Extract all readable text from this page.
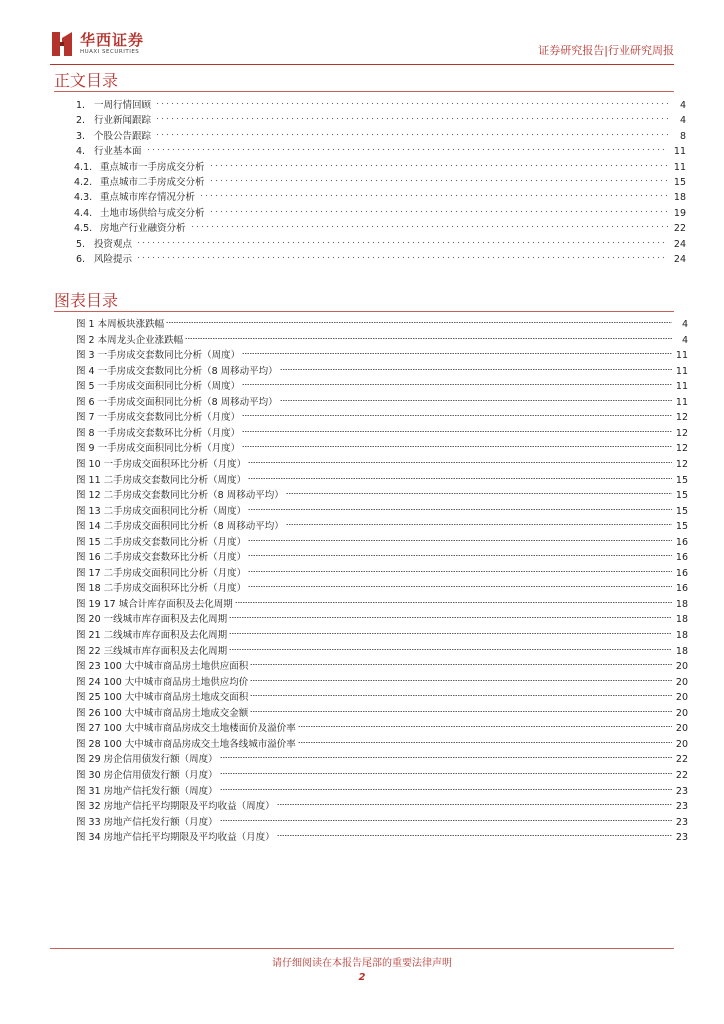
华西证券
HUAXI SECURITIES	证券研究报告|行业研究周报
正文目录
1. 一周行情回顾	4
2. 行业新闻跟踪	4
3. 个股公告跟踪	8
4. 行业基本面	11
4.1. 重点城市一手房成交分析	11
4.2. 重点城市二手房成交分析	15
4.3. 重点城市库存情况分析	18
4.4. 土地市场供给与成交分析	19
4.5. 房地产行业融资分析	22
5. 投资观点	24
6. 风险提示	24
图表目录
图 1 本周板块涨跌幅	4
图 2 本周龙头企业涨跌幅	4
图 3 一手房成交套数同比分析（周度）	11
图 4 一手房成交套数同比分析（8 周移动平均）	11
图 5 一手房成交面积同比分析（周度）	11
图 6 一手房成交面积同比分析（8 周移动平均）	11
图 7 一手房成交套数同比分析（月度）	12
图 8 一手房成交套数环比分析（月度）	12
图 9 一手房成交面积同比分析（月度）	12
图 10 一手房成交面积环比分析（月度）	12
图 11 二手房成交套数同比分析（周度）	15
图 12 二手房成交套数同比分析（8 周移动平均）	15
图 13 二手房成交面积同比分析（周度）	15
图 14 二手房成交面积同比分析（8 周移动平均）	15
图 15 二手房成交套数同比分析（月度）	16
图 16 二手房成交套数环比分析（月度）	16
图 17 二手房成交面积同比分析（月度）	16
图 18 二手房成交面积环比分析（月度）	16
图 19 17 城合计库存面积及去化周期	18
图 20 一线城市库存面积及去化周期	18
图 21 二线城市库存面积及去化周期	18
图 22 三线城市库存面积及去化周期	18
图 23 100 大中城市商品房土地供应面积	20
图 24 100 大中城市商品房土地供应均价	20
图 25 100 大中城市商品房土地成交面积	20
图 26 100 大中城市商品房土地成交金额	20
图 27 100 大中城市商品房成交土地楼面价及溢价率	20
图 28 100 大中城市商品房成交土地各线城市溢价率	20
图 29 房企信用债发行额（周度）	22
图 30 房企信用债发行额（月度）	22
图 31 房地产信托发行额（周度）	23
图 32 房地产信托平均期限及平均收益（周度）	23
图 33 房地产信托发行额（月度）	23
图 34 房地产信托平均期限及平均收益（月度）	23
请仔细阅读在本报告尾部的重要法律声明
2
